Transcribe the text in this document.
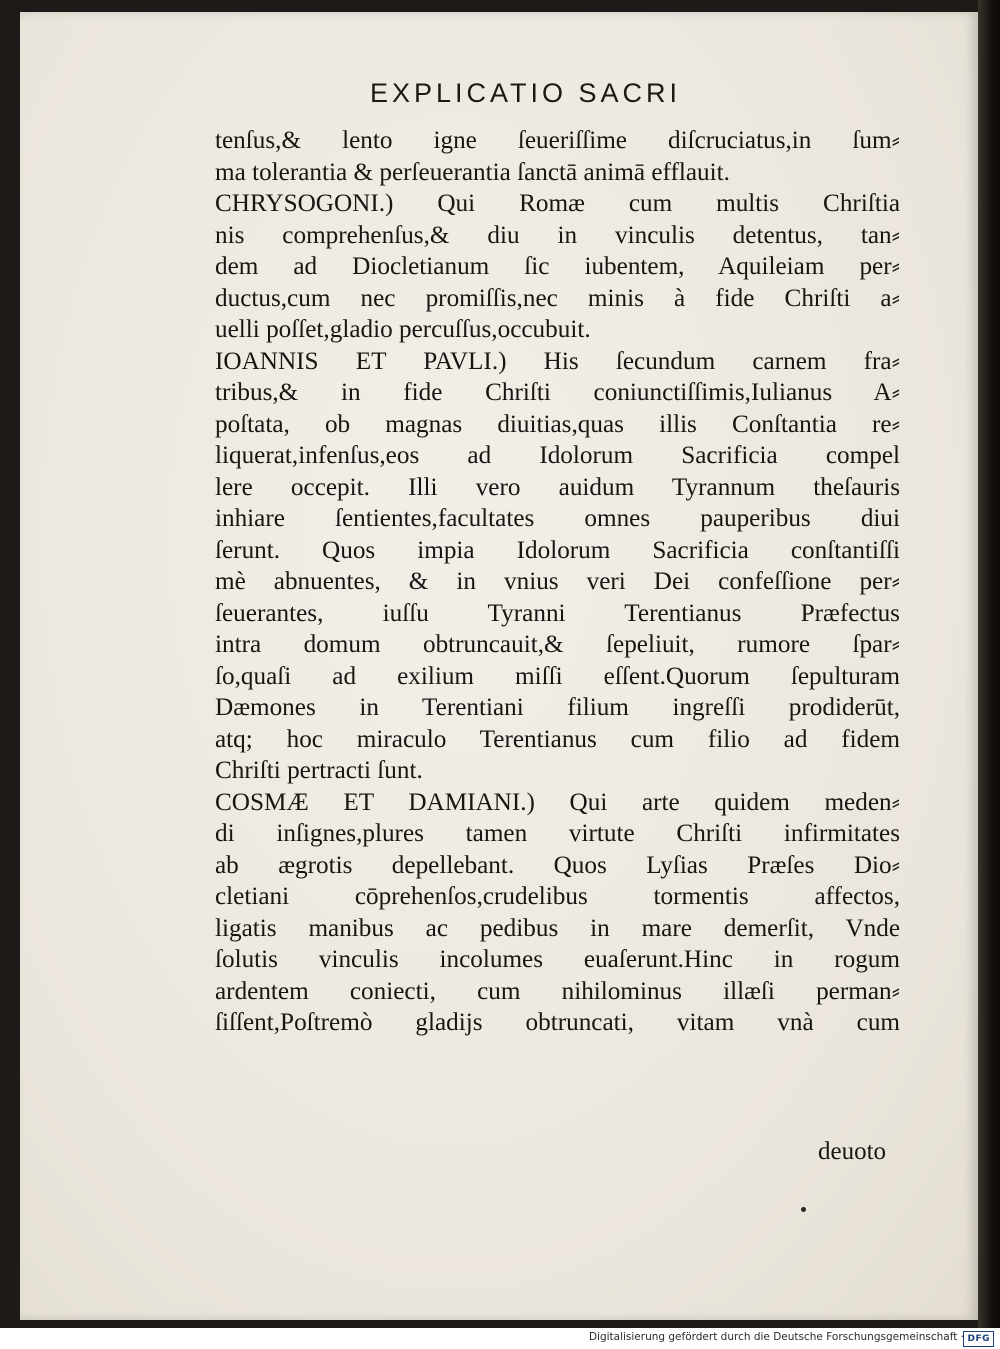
EXPLICATIO SACRI
tenſus,& lento igne ſeueriſſime diſcruciatus,in ſum⸗
ma tolerantia & perſeuerantia ſanctā animā efflauit.
CHRYSOGONI.) Qui Romæ cum multis Chriſtia
nis comprehenſus,& diu in vinculis detentus, tan⸗
dem ad Diocletianum ſic iubentem, Aquileiam per⸗
ductus,cum nec promiſſis,nec minis à fide Chriſti a⸗
uelli poſſet,gladio percuſſus,occubuit.
IOANNIS ET PAVLI.) His ſecundum carnem fra⸗
tribus,& in fide Chriſti coniunctiſſimis,Iulianus A⸗
poſtata, ob magnas diuitias,quas illis Conſtantia re⸗
liquerat,infenſus,eos ad Idolorum Sacrificia compel
lere occepit. Illi vero auidum Tyrannum theſauris
inhiare ſentientes,facultates omnes pauperibus diui
ſerunt. Quos impia Idolorum Sacrificia conſtantiſſi
mè abnuentes, & in vnius veri Dei confeſſione per⸗
ſeuerantes, iuſſu Tyranni Terentianus Præfectus
intra domum obtruncauit,& ſepeliuit, rumore ſpar⸗
ſo,quaſi ad exilium miſſi eſſent.Quorum ſepulturam
Dæmones in Terentiani filium ingreſſi prodiderūt,
atq; hoc miraculo Terentianus cum filio ad fidem
Chriſti pertracti ſunt.
COSMÆ ET DAMIANI.) Qui arte quidem meden⸗
di inſignes,plures tamen virtute Chriſti infirmitates
ab ægrotis depellebant. Quos Lyſias Præſes Dio⸗
cletiani cōprehenſos,crudelibus tormentis affectos,
ligatis manibus ac pedibus in mare demerſit, Vnde
ſolutis vinculis incolumes euaſerunt.Hinc in rogum
ardentem coniecti, cum nihilominus illæſi perman⸗
ſiſſent,Poſtremò gladijs obtruncati, vitam vnà cum
deuoto
Digitalisierung gefördert durch die Deutsche Forschungsgemeinschaft · DFG
